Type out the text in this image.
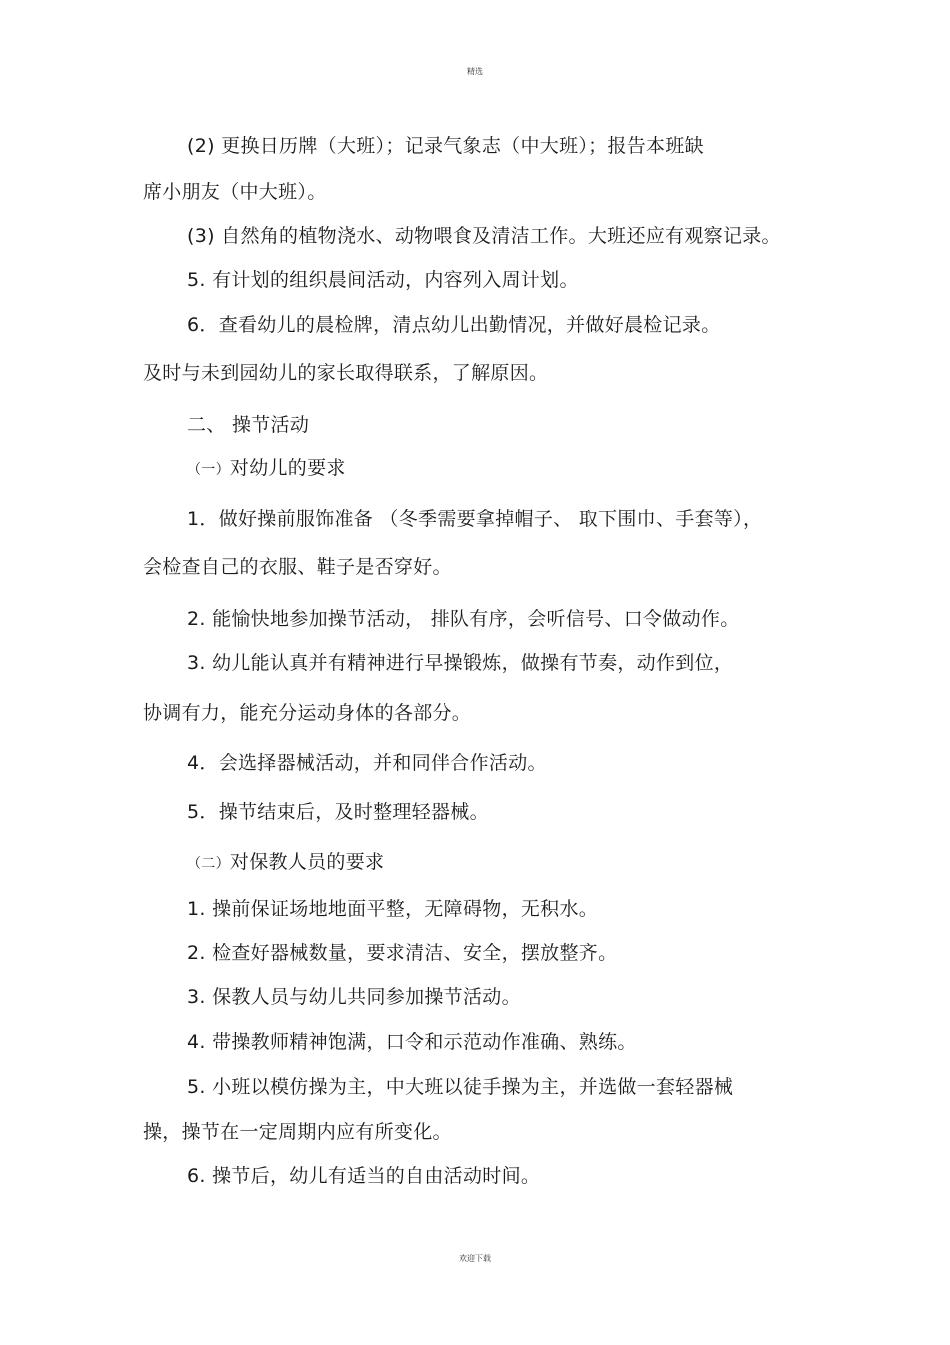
精选
(2) 更换日历牌（大班）；记录气象志（中大班）；报告本班缺
席小朋友（中大班）。
(3) 自然角的植物浇水、动物喂食及清洁工作。大班还应有观察记录。
5. 有计划的组织晨间活动，内容列入周计划。
6．查看幼儿的晨检牌，清点幼儿出勤情况，并做好晨检记录。
及时与未到园幼儿的家长取得联系，了解原因。
二、 操节活动
（一）对幼儿的要求
1．做好操前服饰准备 （冬季需要拿掉帽子、 取下围巾、手套等），
会检查自己的衣服、鞋子是否穿好。
2. 能愉快地参加操节活动， 排队有序，会听信号、口令做动作。
3. 幼儿能认真并有精神进行早操锻炼，做操有节奏，动作到位，
协调有力，能充分运动身体的各部分。
4．会选择器械活动，并和同伴合作活动。
5．操节结束后，及时整理轻器械。
（二）对保教人员的要求
1. 操前保证场地地面平整，无障碍物，无积水。
2. 检查好器械数量，要求清洁、安全，摆放整齐。
3. 保教人员与幼儿共同参加操节活动。
4. 带操教师精神饱满，口令和示范动作准确、熟练。
5. 小班以模仿操为主，中大班以徒手操为主，并选做一套轻器械
操，操节在一定周期内应有所变化。
6. 操节后，幼儿有适当的自由活动时间。
欢迎下载
